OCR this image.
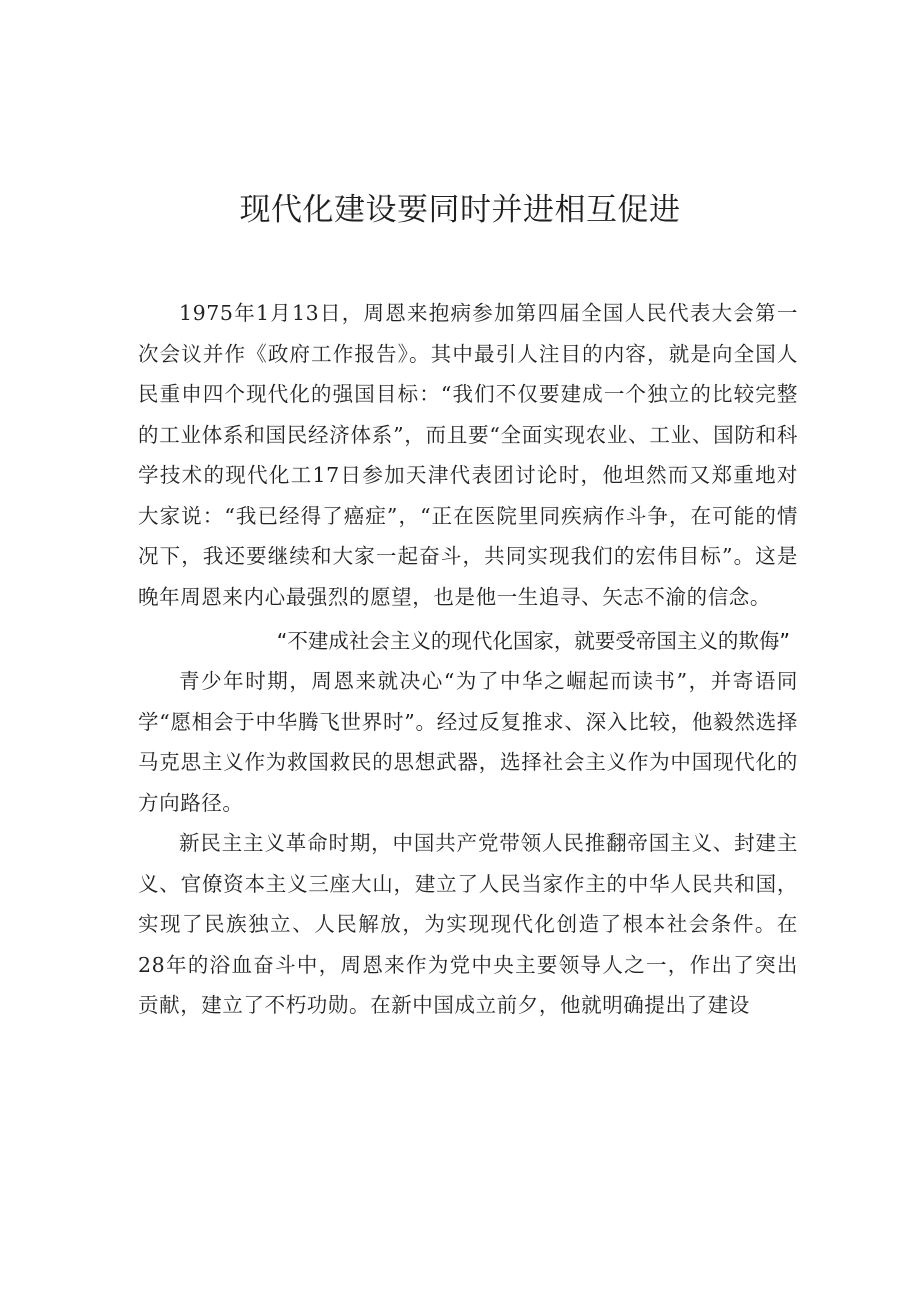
现代化建设要同时并进相互促进

1975年1月13日，周恩来抱病参加第四届全国人民代表大会第一次会议并作《政府工作报告》。其中最引人注目的内容，就是向全国人民重申四个现代化的强国目标：“我们不仅要建成一个独立的比较完整的工业体系和国民经济体系”，而且要“全面实现农业、工业、国防和科学技术的现代化工17日参加天津代表团讨论时，他坦然而又郑重地对大家说：“我已经得了癌症”，“正在医院里同疾病作斗争，在可能的情况下，我还要继续和大家一起奋斗，共同实现我们的宏伟目标”。这是晚年周恩来内心最强烈的愿望，也是他一生追寻、矢志不渝的信念。

“不建成社会主义的现代化国家，就要受帝国主义的欺侮”

青少年时期，周恩来就决心“为了中华之崛起而读书”，并寄语同学“愿相会于中华腾飞世界时”。经过反复推求、深入比较，他毅然选择马克思主义作为救国救民的思想武器，选择社会主义作为中国现代化的方向路径。

新民主主义革命时期，中国共产党带领人民推翻帝国主义、封建主义、官僚资本主义三座大山，建立了人民当家作主的中华人民共和国，实现了民族独立、人民解放，为实现现代化创造了根本社会条件。在28年的浴血奋斗中，周恩来作为党中央主要领导人之一，作出了突出贡献，建立了不朽功勋。在新中国成立前夕，他就明确提出了建设
